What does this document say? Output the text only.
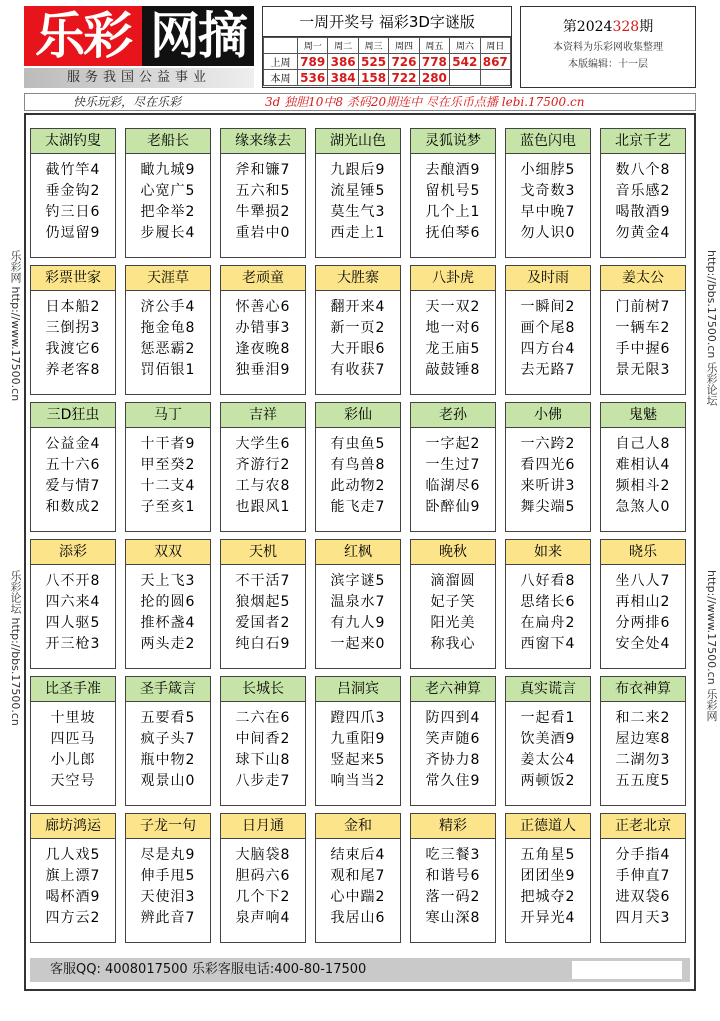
乐彩 网摘
服务我国公益事业
一周开奖号 福彩3D字谜版
	周一	周二	周三	周四	周五	周六	周日
上周	789	386	525	726	778	542	867
本周	536	384	158	722	280		
第2024328期
本资料为乐彩网收集整理
本版编辑：十一层
快乐玩彩，尽在乐彩	3d 独胆10中8 杀码20期连中 尽在乐币点播 lebi.17500.cn
乐彩网 http://www.17500.cn
乐彩论坛 http://bbs.17500.cn
http://bbs.17500.cn 乐彩论坛
http://www.17500.cn 乐彩网
太湖钓叟
截竹竿4
垂金钩2
钓三日6
仍逗留9
老船长
瞰九城9
心宽广5
把伞举2
步履长4
缘来缘去
斧和镰7
五六和5
牛犟损2
重岩中0
湖光山色
九跟后9
流星锤5
莫生气3
西走上1
灵狐说梦
去酿酒9
留机号5
几个上1
抚伯琴6
蓝色闪电
小细脖5
戈奇数3
早中晚7
勿人识0
北京千艺
数八个8
音乐感2
喝散酒9
勿黄金4
彩票世家
日本船2
三倒拐3
我渡它6
养老客8
天涯草
济公手4
拖金龟8
惩恶霸2
罚佰银1
老顽童
怀善心6
办错事3
逢夜晚8
独垂泪9
大胜寨
翻开来4
新一页2
大开眼6
有收获7
八卦虎
天一双2
地一对6
龙王庙5
敲鼓锤8
及时雨
一瞬间2
画个尾8
四方台4
去无路7
姜太公
门前树7
一辆车2
手中握6
景无限3
三D狂虫
公益金4
五十六6
爱与情7
和数成2
马丁
十干者9
甲至癸2
十二支4
子至亥1
吉祥
大学生6
齐游行2
工与农8
也跟风1
彩仙
有虫鱼5
有鸟兽8
此动物2
能飞走7
老孙
一字起2
一生过7
临湖尽6
卧醉仙9
小佛
一六跨2
看四光6
来听讲3
舞尖端5
鬼魅
自己人8
难相认4
频相斗2
急煞人0
添彩
八不开8
四六来4
四人驱5
开三枪3
双双
天上飞3
抡的圆6
推杯盏4
两头走2
天机
不干活7
狼烟起5
爱国者2
纯白石9
红枫
滨字谜5
温泉水7
有九人9
一起来0
晚秋
滴溜圆
妃子笑
阳光美
称我心
如来
八好看8
思绪长6
在扁舟2
西窗下4
晓乐
坐八人7
再相山2
分两排6
安全处4
比圣手准
十里坡
四匹马
小儿郎
天空号
圣手箴言
五要看5
疯子头7
瓶中物2
观景山0
长城长
二六在6
中间香2
球下山8
八步走7
吕洞宾
蹬四爪3
九重阳9
竖起来5
响当当2
老六神算
防四到4
笑声随6
齐协力8
常久住9
真实谎言
一起看1
饮美酒9
姜太公4
两顿饭2
布衣神算
和二来2
屋边寒8
二湖勿3
五五度5
廊坊鸿运
几人戏5
旗上漂7
喝杯酒9
四方云2
子龙一句
尽是丸9
伸手甩5
天使泪3
辨此音7
日月通
大脑袋8
胆码六6
几个下2
泉声响4
金和
结束后4
观和尾7
心中踹2
我居山6
精彩
吃三餐3
和谐号6
落一码2
寒山深8
正德道人
五角星5
团团坐9
把城夺2
开异光4
正老北京
分手指4
手伸直7
进双袋6
四月天3
客服QQ: 4008017500 乐彩客服电话:400-80-17500
